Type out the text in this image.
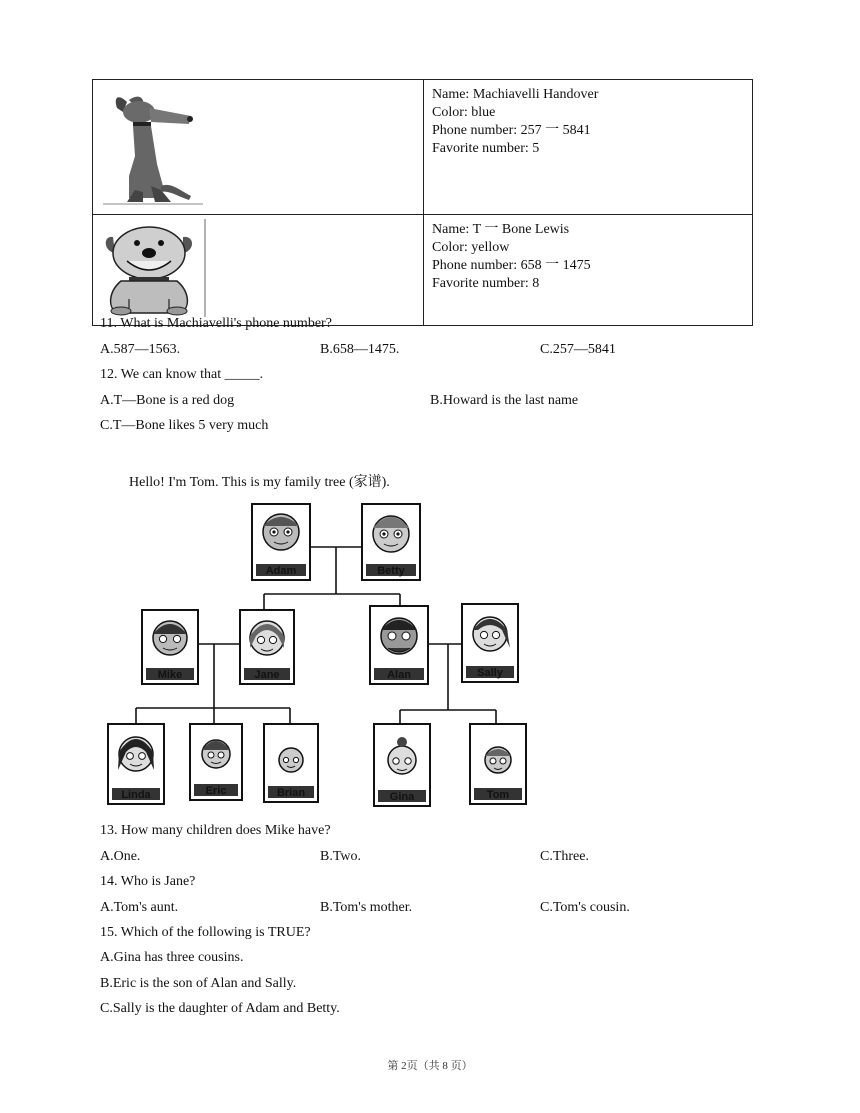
Name: Machiavelli Handover
Color: blue
Phone number: 257 一 5841
Favorite number: 5

Name: T 一 Bone Lewis
Color: yellow
Phone number: 658 一 1475
Favorite number: 8
11. What is Machiavelli's phone number?
A.587—1563.	B.658—1475.	C.257—5841
12. We can know that _____.
A.T—Bone is a red dog	B.Howard is the last name
C.T—Bone likes 5 very much
Hello! I'm Tom. This is my family tree (家谱).
Adam	Betty
Mike	Jane	Alan	Sally
Linda	Eric	Brian	Gina	Tom
13. How many children does Mike have?
A.One.	B.Two.	C.Three.
14. Who is Jane?
A.Tom's aunt.	B.Tom's mother.	C.Tom's cousin.
15. Which of the following is TRUE?
A.Gina has three cousins.
B.Eric is the son of Alan and Sally.
C.Sally is the daughter of Adam and Betty.
第 2页（共 8 页）
